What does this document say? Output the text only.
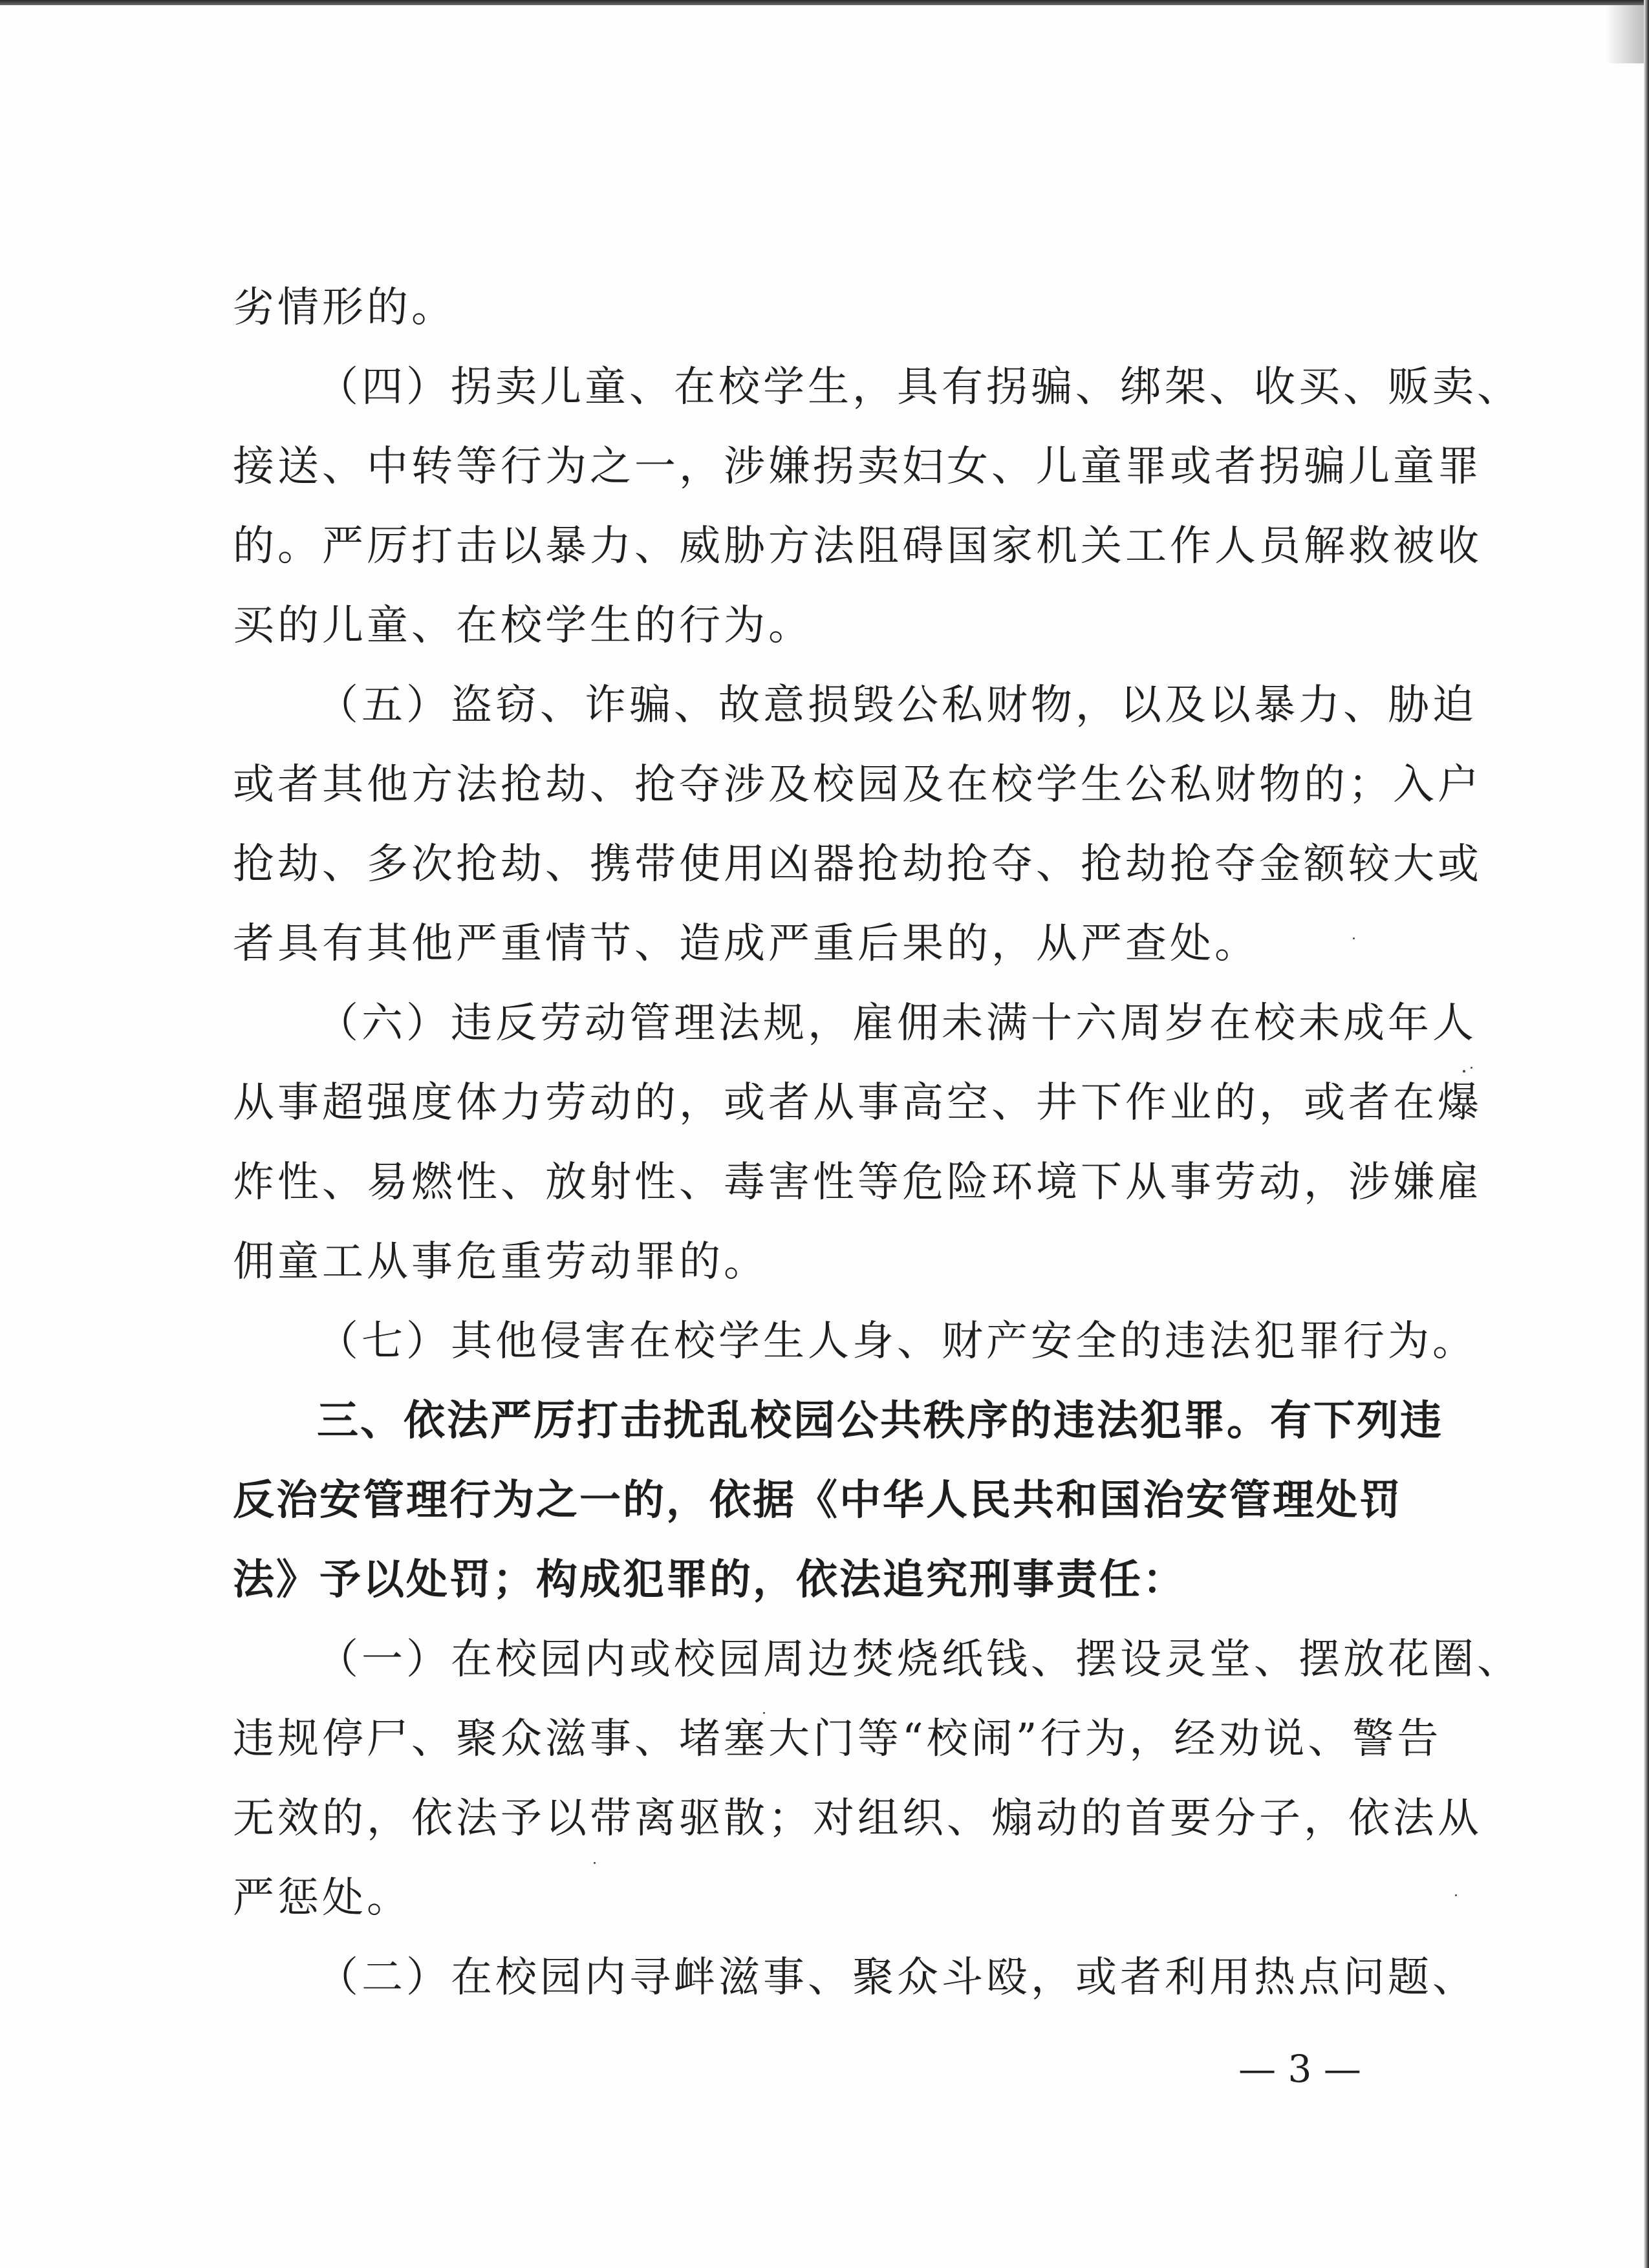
劣情形的。
（四）拐卖儿童、在校学生，具有拐骗、绑架、收买、贩卖、
接送、中转等行为之一，涉嫌拐卖妇女、儿童罪或者拐骗儿童罪
的。严厉打击以暴力、威胁方法阻碍国家机关工作人员解救被收
买的儿童、在校学生的行为。
（五）盗窃、诈骗、故意损毁公私财物，以及以暴力、胁迫
或者其他方法抢劫、抢夺涉及校园及在校学生公私财物的；入户
抢劫、多次抢劫、携带使用凶器抢劫抢夺、抢劫抢夺金额较大或
者具有其他严重情节、造成严重后果的，从严查处。
（六）违反劳动管理法规，雇佣未满十六周岁在校未成年人
从事超强度体力劳动的，或者从事高空、井下作业的，或者在爆
炸性、易燃性、放射性、毒害性等危险环境下从事劳动，涉嫌雇
佣童工从事危重劳动罪的。
（七）其他侵害在校学生人身、财产安全的违法犯罪行为。
三、依法严厉打击扰乱校园公共秩序的违法犯罪。有下列违
反治安管理行为之一的，依据《中华人民共和国治安管理处罚
法》予以处罚；构成犯罪的，依法追究刑事责任：
（一）在校园内或校园周边焚烧纸钱、摆设灵堂、摆放花圈、
违规停尸、聚众滋事、堵塞大门等“校闹”行为，经劝说、警告
无效的，依法予以带离驱散；对组织、煽动的首要分子，依法从
严惩处。
（二）在校园内寻衅滋事、聚众斗殴，或者利用热点问题、
— 3 —
